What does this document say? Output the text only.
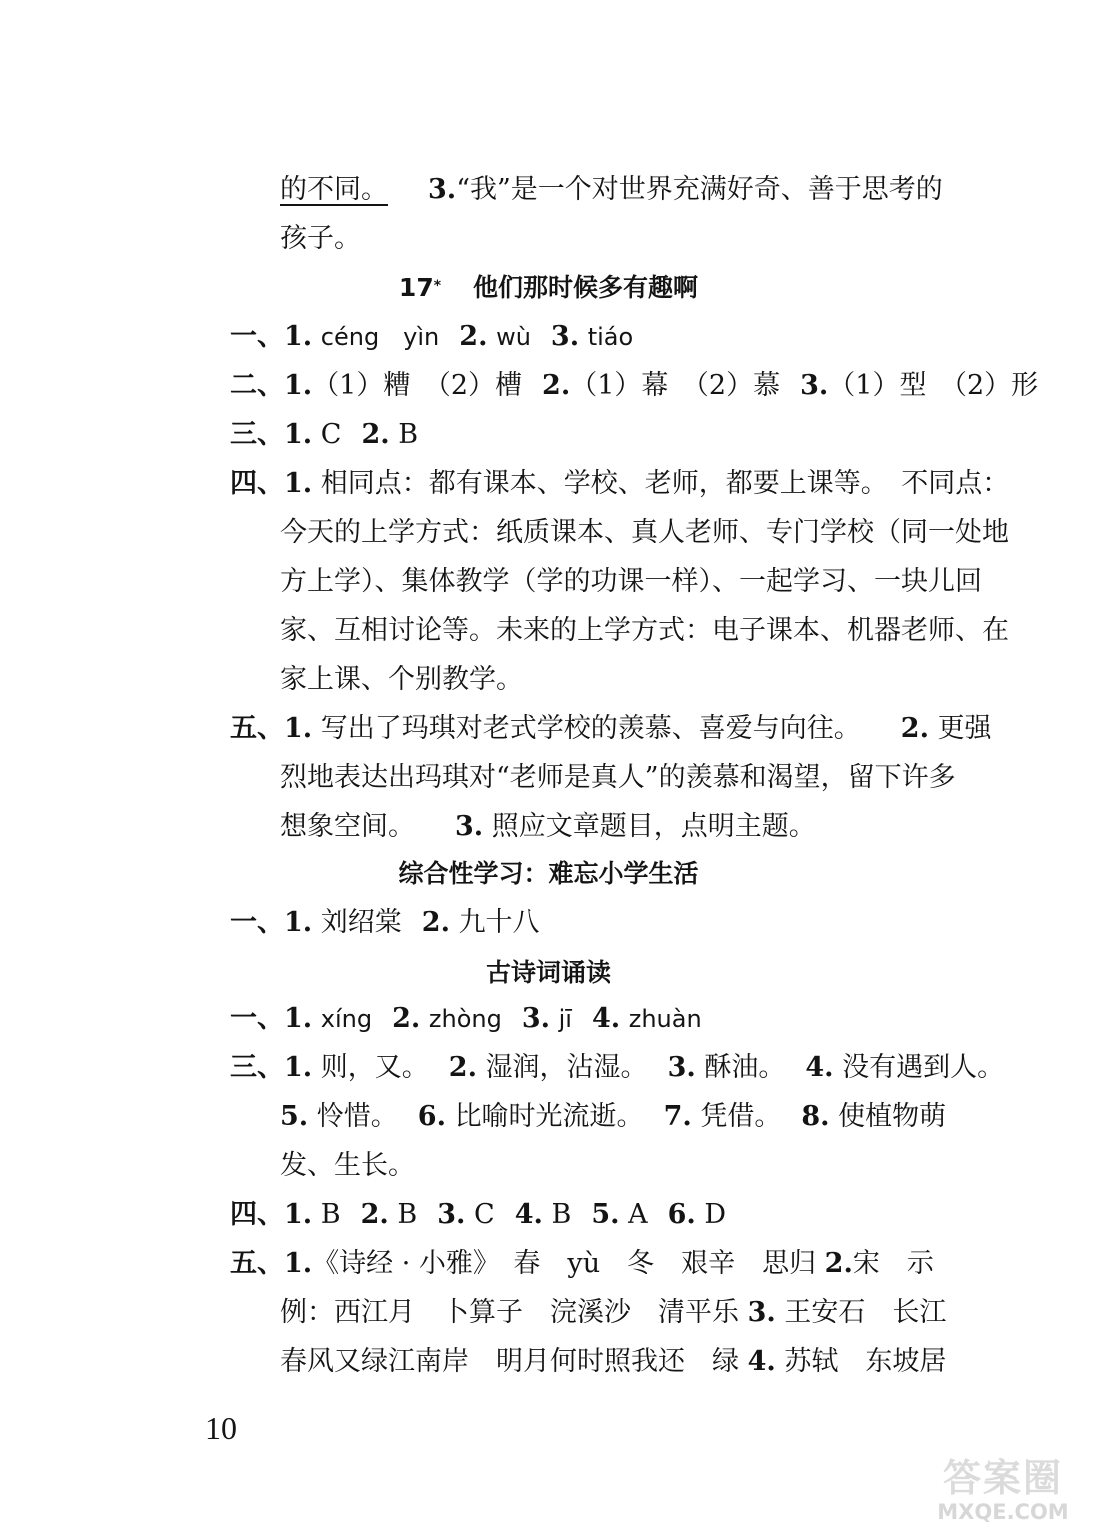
的不同。 3.“我”是一个对世界充满好奇、善于思考的
孩子。
17* 他们那时候多有趣啊
一、1. céng　yìn 2. wù 3. tiáo
二、1.（1）糟　（2）槽 2.（1）幕　（2）慕 3.（1）型　（2）形
三、1. C 2. B
四、1. 相同点：都有课本、学校、老师，都要上课等。　不同点：
今天的上学方式：纸质课本、真人老师、专门学校（同一处地
方上学）、集体教学（学的功课一样）、一起学习、一块儿回
家、互相讨论等。未来的上学方式：电子课本、机器老师、在
家上课、个别教学。
五、1. 写出了玛琪对老式学校的羡慕、喜爱与向往。 2. 更强
烈地表达出玛琪对“老师是真人”的羡慕和渴望，留下许多
想象空间。 3. 照应文章题目，点明主题。
综合性学习：难忘小学生活
一、1. 刘绍棠 2. 九十八
古诗词诵读
一、1. xíng 2. zhòng 3. jī 4. zhuàn
三、1. 则，又。 2. 湿润，沾湿。 3. 酥油。 4. 没有遇到人。
5. 怜惜。 6. 比喻时光流逝。 7. 凭借。 8. 使植物萌
发、生长。
四、1. B 2. B 3. C 4. B 5. A 6. D
五、1.《诗经 · 小雅》　春　yù　冬　艰辛　思归 2.宋　示
例：西江月　卜算子　浣溪沙　清平乐 3. 王安石　长江
春风又绿江南岸　明月何时照我还　绿 4. 苏轼　东坡居
10
答案圈
MXQE.COM
